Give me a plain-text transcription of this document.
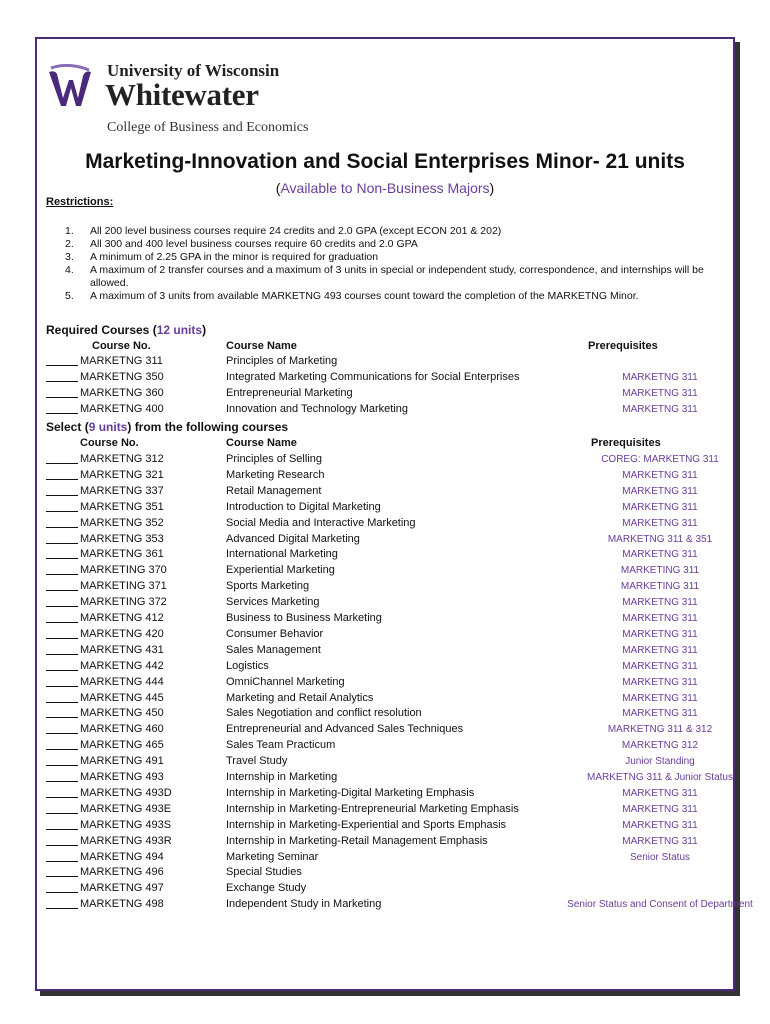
University of Wisconsin
Whitewater
College of Business and Economics
Marketing-Innovation and Social Enterprises Minor- 21 units
(Available to Non-Business Majors)
Restrictions:
1. All 200 level business courses require 24 credits and 2.0 GPA (except ECON 201 & 202)
2. All 300 and 400 level business courses require 60 credits and 2.0 GPA
3. A minimum of 2.25 GPA in the minor is required for graduation
4. A maximum of 2 transfer courses and a maximum of 3 units in special or independent study, correspondence, and internships will be allowed.
5. A maximum of 3 units from available MARKETNG 493 courses count toward the completion of the MARKETNG Minor.
Required Courses (12 units)
Course No.	Course Name	Prerequisites
MARKETNG 311	Principles of Marketing
MARKETNG 350	Integrated Marketing Communications for Social Enterprises	MARKETNG 311
MARKETNG 360	Entrepreneurial Marketing	MARKETNG 311
MARKETNG 400	Innovation and Technology Marketing	MARKETNG 311
Select (9 units) from the following courses
Course No.	Course Name	Prerequisites
MARKETNG 312	Principles of Selling	COREG: MARKETNG 311
MARKETNG 321	Marketing Research	MARKETNG 311
MARKETNG 337	Retail Management	MARKETNG 311
MARKETNG 351	Introduction to Digital Marketing	MARKETNG 311
MARKETNG 352	Social Media and Interactive Marketing	MARKETNG 311
MARKETNG 353	Advanced Digital Marketing	MARKETNG 311 & 351
MARKETNG 361	International Marketing	MARKETNG 311
MARKETING 370	Experiential Marketing	MARKETING 311
MARKETING 371	Sports Marketing	MARKETING 311
MARKETING 372	Services Marketing	MARKETNG 311
MARKETNG 412	Business to Business Marketing	MARKETNG 311
MARKETNG 420	Consumer Behavior	MARKETNG 311
MARKETNG 431	Sales Management	MARKETNG 311
MARKETNG 442	Logistics	MARKETNG 311
MARKETNG 444	OmniChannel Marketing	MARKETNG 311
MARKETNG 445	Marketing and Retail Analytics	MARKETNG 311
MARKETNG 450	Sales Negotiation and conflict resolution	MARKETNG 311
MARKETNG 460	Entrepreneurial and Advanced Sales Techniques	MARKETNG 311 & 312
MARKETNG 465	Sales Team Practicum	MARKETNG 312
MARKETNG 491	Travel Study	Junior Standing
MARKETNG 493	Internship in Marketing	MARKETNG 311 & Junior Status
MARKETNG 493D	Internship in Marketing-Digital Marketing Emphasis	MARKETNG 311
MARKETNG 493E	Internship in Marketing-Entrepreneurial Marketing Emphasis	MARKETNG 311
MARKETNG 493S	Internship in Marketing-Experiential and Sports Emphasis	MARKETNG 311
MARKETNG 493R	Internship in Marketing-Retail Management Emphasis	MARKETNG 311
MARKETNG 494	Marketing Seminar	Senior Status
MARKETNG 496	Special Studies
MARKETNG 497	Exchange Study
MARKETNG 498	Independent Study in Marketing	Senior Status and Consent of Department
